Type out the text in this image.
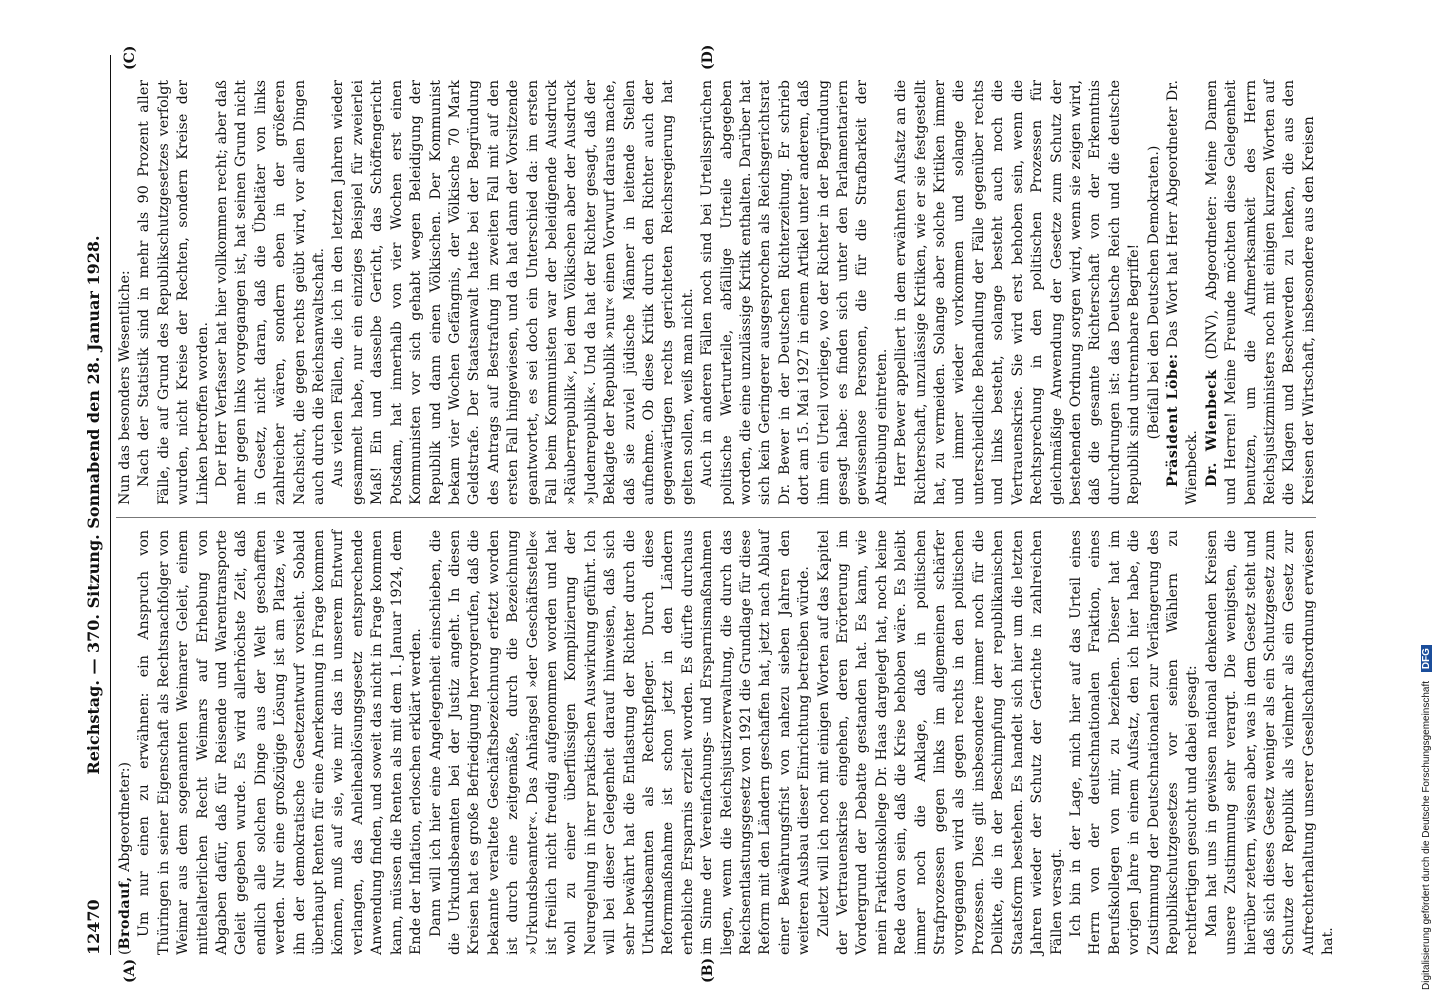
12470
Reichstag. — 370. Sitzung. Sonnabend den 28. Januar 1928.
(A)	(B)
(C)	(D)

(Brodauf, Abgeordneter:) Um nur einen zu erwähnen: ein Anspruch von Thüringen in seiner Eigenschaft als Rechtsnachfolger von Weimar aus dem sogenannten Weimarer Geleit, einem mittelalterlichen Recht Weimars auf Erhebung von Abgaben dafür, daß für Reisende und Warentransporte Geleit gegeben wurde. Es wird allerhöchste Zeit, daß endlich alle solchen Dinge aus der Welt geschafften werden. Nur eine großzügige Lösung ist am Platze, wie ihn der demokratische Gesetzentwurf vorsieht. Sobald überhaupt Renten für eine Anerkennung in Frage kommen können, muß auf sie, wie mir das in unserem Entwurf verlangen, das Anleiheablösungsgesetz entsprechende Anwendung finden, und soweit das nicht in Frage kommen kann, müssen die Renten als mit dem 1. Januar 1924, dem Ende der Inflation, erloschen erklärt werden. Dann will ich hier eine Angelegenheit einschieben, die die Urkundsbeamten bei der Justiz angeht. In diesen Kreisen hat es große Befriedigung hervorgerufen, daß die bekannte veraltete Geschäftsbezeichnung erfetzt worden ist durch eine zeitgemäße, durch die Bezeichnung »Urkundsbeamter«. Das Anhängsel »der Geschäftsstelle« ist freilich nicht freudig aufgenommen worden und hat wohl zu einer überflüssigen Komplizierung der Neuregelung in ihrer praktischen Auswirkung geführt. Ich will bei dieser Gelegenheit darauf hinweisen, daß sich sehr bewährt hat die Entlastung der Richter durch die Urkundsbeamten als Rechtspfleger. Durch diese Reformmaßnahme ist schon jetzt in den Ländern erhebliche Ersparnis erzielt worden. Es dürfte durchaus im Sinne der Vereinfachungs- und Ersparnismaßnahmen liegen, wenn die Reichsjustizverwaltung, die durch das Reichsentlastungsgesetz von 1921 die Grundlage für diese Reform mit den Ländern geschaffen hat, jetzt nach Ablauf einer Bewährungsfrist von nahezu sieben Jahren den weiteren Ausbau dieser Einrichtung betreiben würde. Zuletzt will ich noch mit einigen Worten auf das Kapitel der Vertrauenskrise eingehen, deren Erörterung im Vordergrund der Debatte gestanden hat. Es kann, wie mein Fraktionskollege Dr. Haas dargelegt hat, noch keine Rede davon sein, daß die Krise behoben wäre. Es bleibt immer noch die Anklage, daß in politischen Strafprozessen gegen links im allgemeinen schärfer vorgegangen wird als gegen rechts in den politischen Prozessen. Dies gilt insbesondere immer noch für die Delikte, die in der Beschimpfung der republikanischen Staatsform bestehen. Es handelt sich hier um die letzten Jahren wieder der Schutz der Gerichte in zahlreichen Fällen versagt. Ich bin in der Lage, mich hier auf das Urteil eines Herrn von der deutschnationalen Fraktion, eines Berufskollegen von mir, zu beziehen. Dieser hat im vorigen Jahre in einem Aufsatz, den ich hier habe, die Zustimmung der Deutschnationalen zur Verlängerung des Republikschutzgesetzes vor seinen Wählern zu rechtfertigen gesucht und dabei gesagt: Man hat uns in gewissen national denkenden Kreisen unsere Zustimmung sehr verargt. Die wenigsten, die hierüber zetern, wissen aber, was in dem Gesetz steht und daß sich dieses Gesetz weniger als ein Schutzgesetz zum Schutze der Republik als vielmehr als ein Gesetz zur Aufrechterhaltung unserer Gesellschaftsordnung erwiesen hat.

Nun das besonders Wesentliche: Nach der Statistik sind in mehr als 90 Prozent aller Fälle, die auf Grund des Republikschutzgesetzes verfolgt wurden, nicht Kreise der Rechten, sondern Kreise der Linken betroffen worden. Der Herr Verfasser hat hier vollkommen recht; aber daß mehr gegen links vorgegangen ist, hat seinen Grund nicht in Gesetz, nicht daran, daß die Übeltäter von links zahlreicher wären, sondern eben in der größeren Nachsicht, die gegen rechts geübt wird, vor allen Dingen auch durch die Reichsanwaltschaft. Aus vielen Fällen, die ich in den letzten Jahren wieder gesammelt habe, nur ein einziges Beispiel für zweierlei Maß! Ein und dasselbe Gericht, das Schöffengericht Potsdam, hat innerhalb von vier Wochen erst einen Kommunisten vor sich gehabt wegen Beleidigung der Republik und dann einen Völkischen. Der Kommunist bekam vier Wochen Gefängnis, der Völkische 70 Mark Geldstrafe. Der Staatsanwalt hatte bei der Begründung des Antrags auf Bestrafung im zweiten Fall mit auf den ersten Fall hingewiesen, und da hat dann der Vorsitzende geantwortet, es sei doch ein Unterschied da: im ersten Fall beim Kommunisten war der beleidigende Ausdruck »Räuberrepublik«, bei dem Völkischen aber der Ausdruck »Judenrepublik«. Und da hat der Richter gesagt, daß der Beklagte der Republik »nur« einen Vorwurf daraus mache, daß sie zuviel jüdische Männer in leitende Stellen aufnehme. Ob diese Kritik durch den Richter auch der gegenwärtigen rechts gerichteten Reichsregierung hat gelten sollen, weiß man nicht. Auch in anderen Fällen noch sind bei Urteilssprüchen politische Werturteile, abfällige Urteile abgegeben worden, die eine unzulässige Kritik enthalten. Darüber hat sich kein Geringerer ausgesprochen als Reichsgerichtsrat Dr. Bewer in der Deutschen Richterzeitung. Er schrieb dort am 15. Mai 1927 in einem Artikel unter anderem, daß ihm ein Urteil vorliege, wo der Richter in der Begründung gesagt habe: es finden sich unter den Parlamentariern gewissenlose Personen, die für die Strafbarkeit der Abtreibung eintreten. Herr Bewer appelliert in dem erwähnten Aufsatz an die Richterschaft, unzulässige Kritiken, wie er sie festgestellt hat, zu vermeiden. Solange aber solche Kritiken immer und immer wieder vorkommen und solange die unterschiedliche Behandlung der Fälle gegenüber rechts und links besteht, solange besteht auch noch die Vertrauenskrise. Sie wird erst behoben sein, wenn die Rechtsprechung in den politischen Prozessen für gleichmäßige Anwendung der Gesetze zum Schutz der bestehenden Ordnung sorgen wird, wenn sie zeigen wird, daß die gesamte Richterschaft von der Erkenntnis durchdrungen ist: das Deutsche Reich und die deutsche Republik sind untrennbare Begriffe! (Beifall bei den Deutschen Demokraten.) Präsident Löbe: Das Wort hat Herr Abgeordneter Dr. Wienbeck. Dr. Wienbeck (DNV), Abgeordneter: Meine Damen und Herren! Meine Freunde möchten diese Gelegenheit benutzen, um die Aufmerksamkeit des Herrn Reichsjustizministers noch mit einigen kurzen Worten auf die Klagen und Beschwerden zu lenken, die aus den Kreisen der Wirtschaft, insbesondere aus den Kreisen

Digitalisierung gefördert durch die Deutsche Forschungsgemeinschaft DFG
